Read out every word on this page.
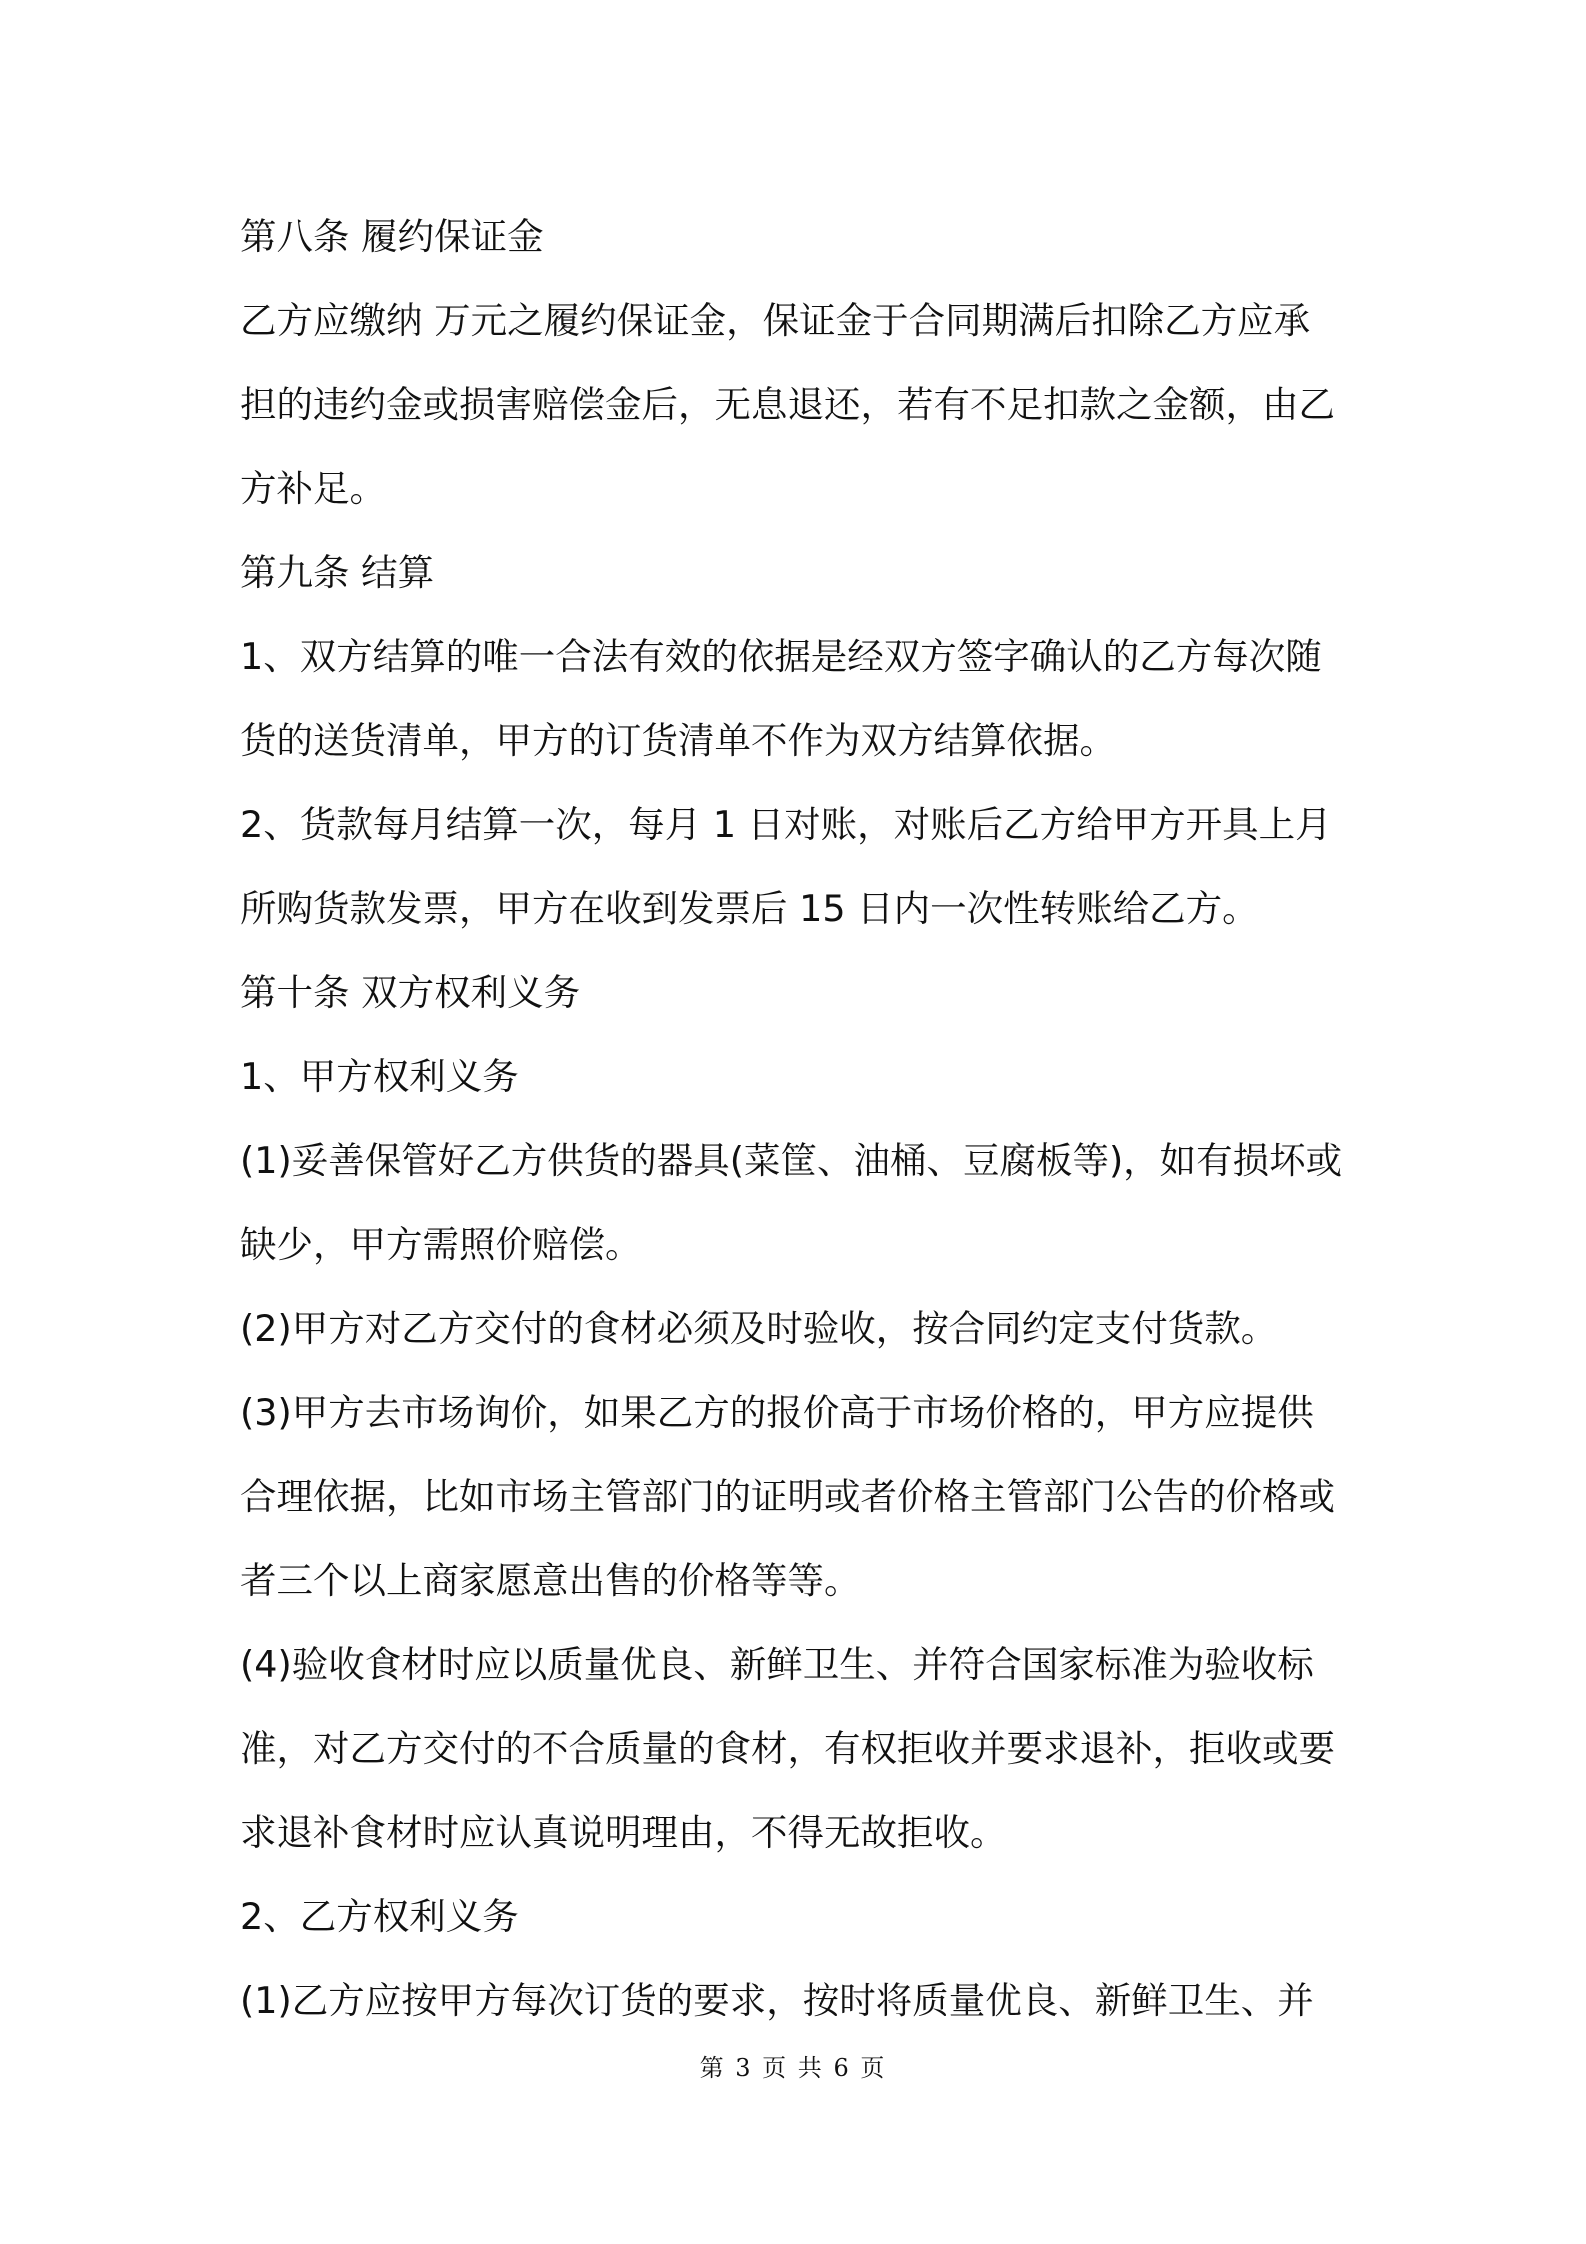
第八条 履约保证金
乙方应缴纳 万元之履约保证金，保证金于合同期满后扣除乙方应承
担的违约金或损害赔偿金后，无息退还，若有不足扣款之金额，由乙
方补足。
第九条 结算
1、双方结算的唯一合法有效的依据是经双方签字确认的乙方每次随
货的送货清单，甲方的订货清单不作为双方结算依据。
2、货款每月结算一次，每月 1 日对账，对账后乙方给甲方开具上月
所购货款发票，甲方在收到发票后 15 日内一次性转账给乙方。
第十条 双方权利义务
1、甲方权利义务
(1)妥善保管好乙方供货的器具(菜筐、油桶、豆腐板等)，如有损坏或
缺少，甲方需照价赔偿。
(2)甲方对乙方交付的食材必须及时验收，按合同约定支付货款。
(3)甲方去市场询价，如果乙方的报价高于市场价格的，甲方应提供
合理依据，比如市场主管部门的证明或者价格主管部门公告的价格或
者三个以上商家愿意出售的价格等等。
(4)验收食材时应以质量优良、新鲜卫生、并符合国家标准为验收标
准，对乙方交付的不合质量的食材，有权拒收并要求退补，拒收或要
求退补食材时应认真说明理由，不得无故拒收。
2、乙方权利义务
(1)乙方应按甲方每次订货的要求，按时将质量优良、新鲜卫生、并
第 3 页 共 6 页
